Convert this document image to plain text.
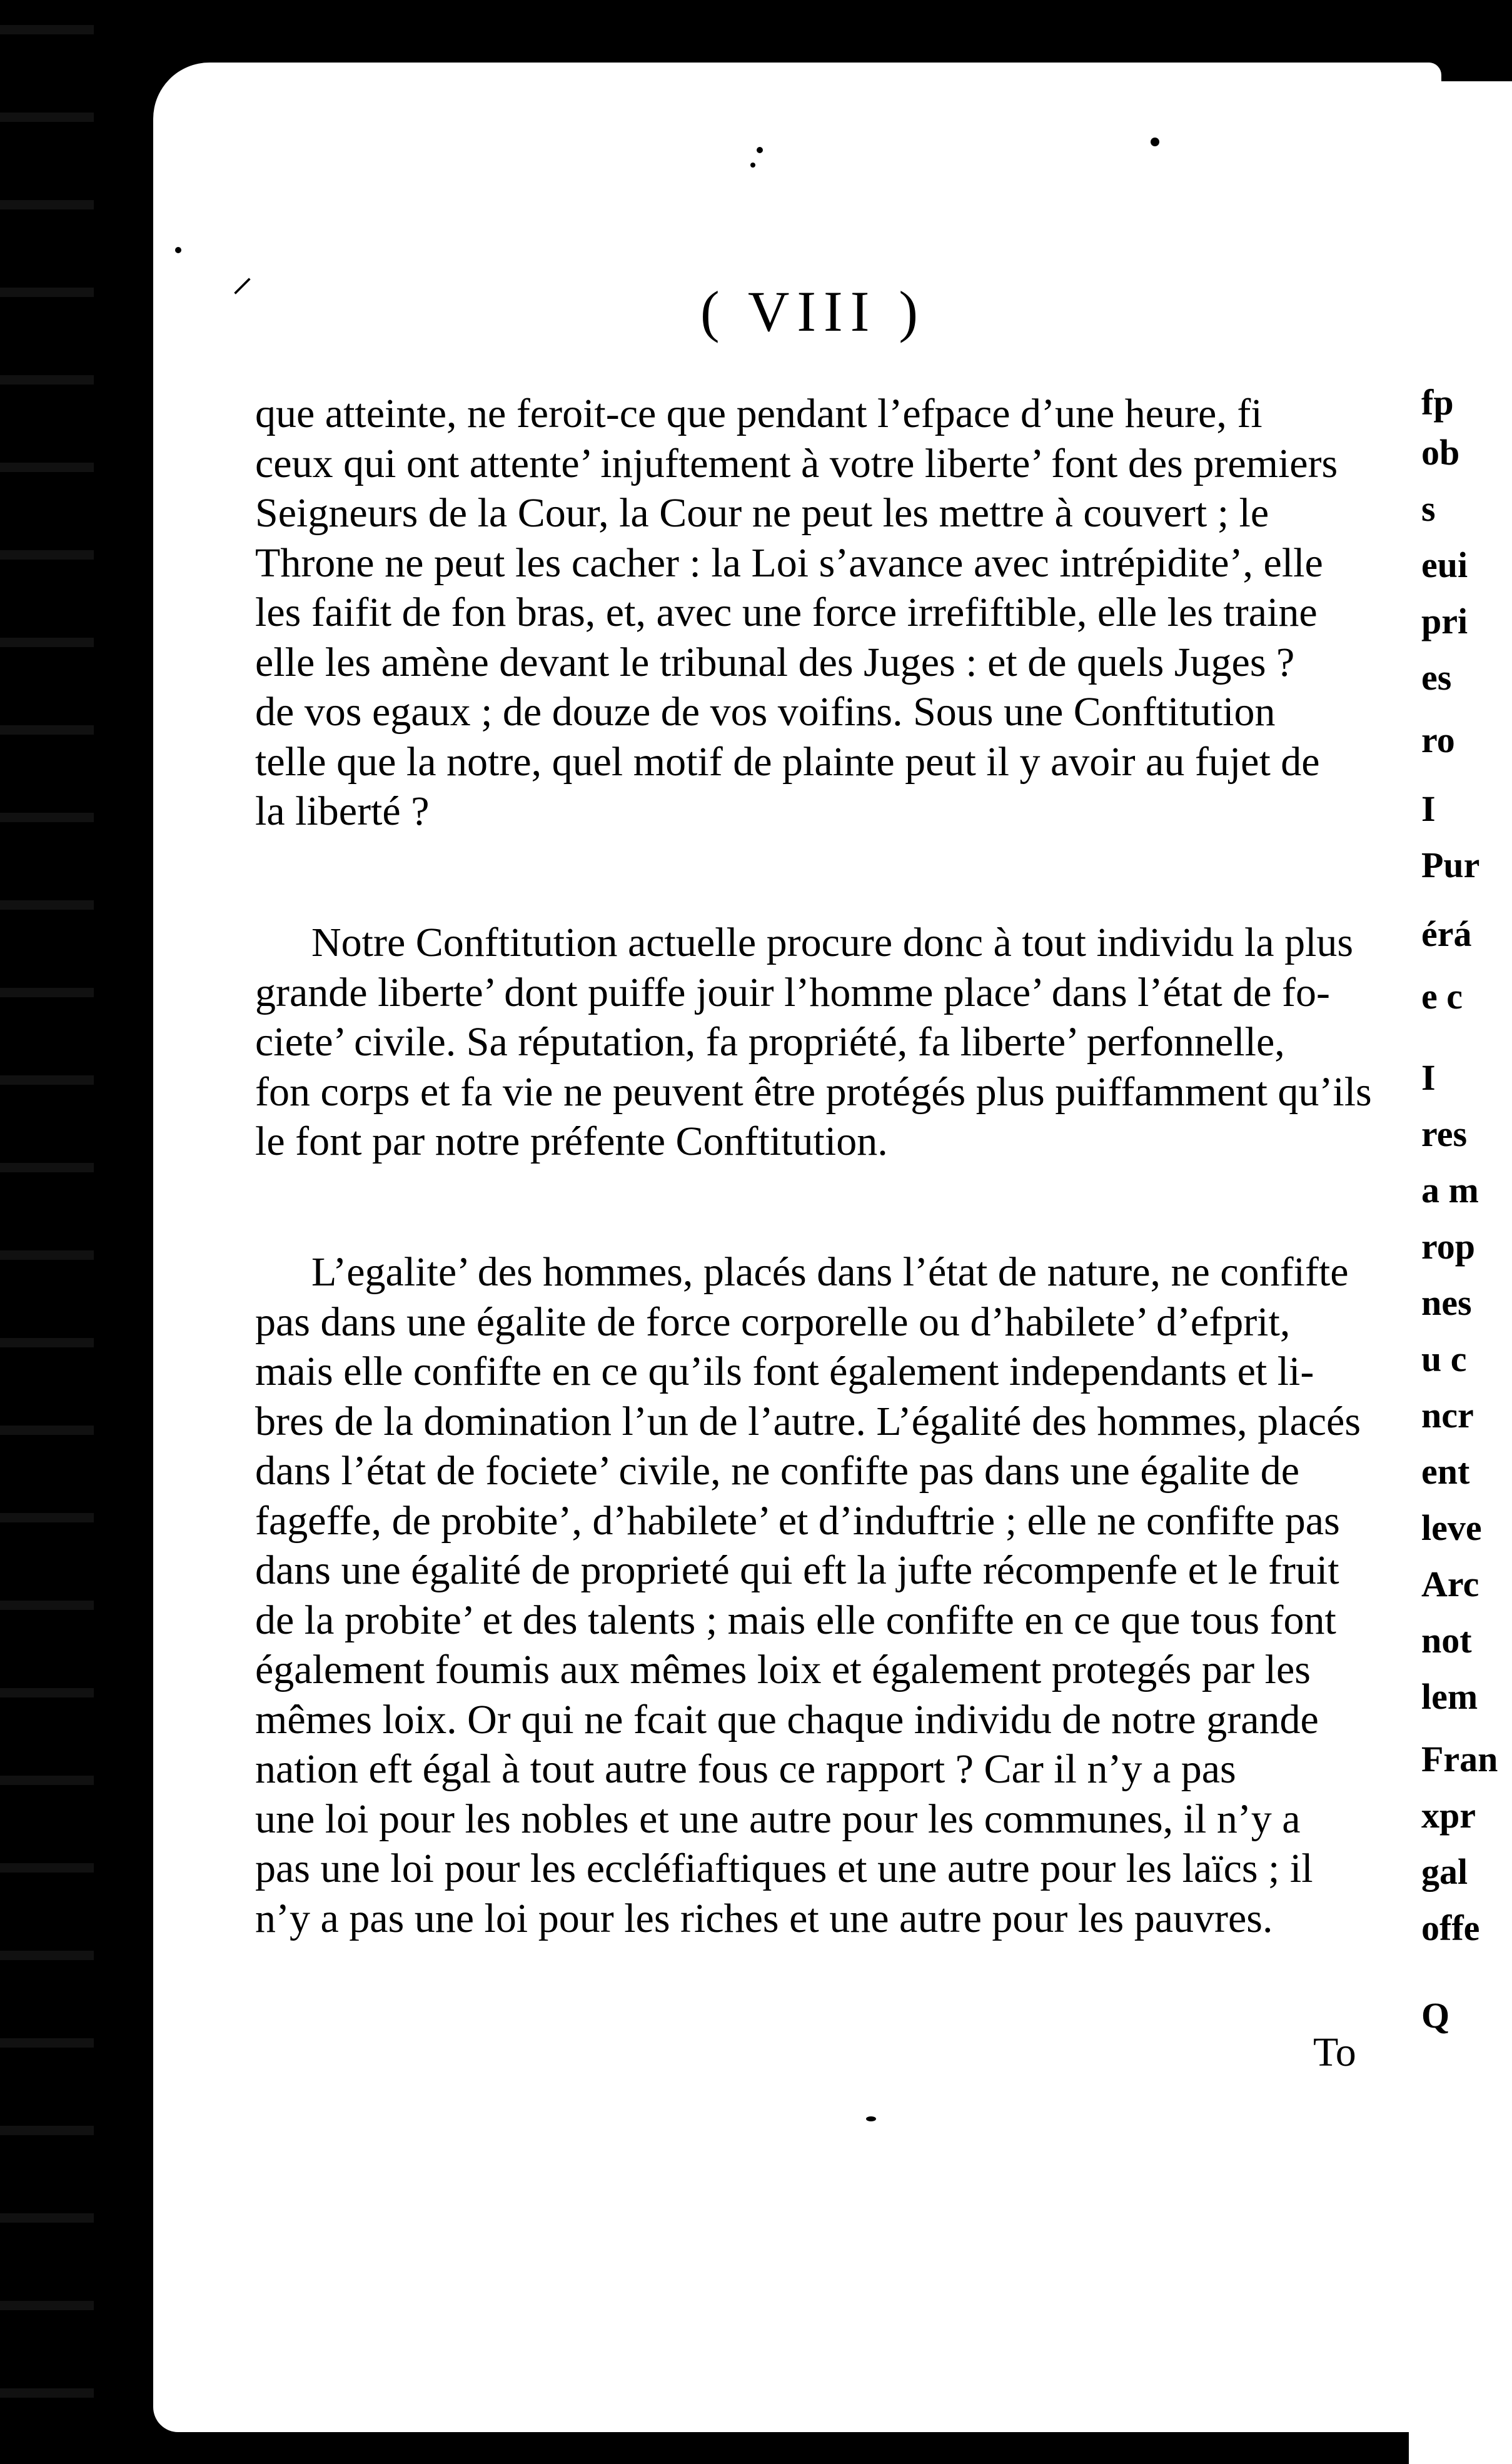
fp
ob
s
eui
pri
es
ro
I
Pur
érá
e c
I
res
a m
rop
nes
u c
ncr
ent
leve
Arc
not
lem
Fran
xpr
gal
offe
Q
( VIII )
que atteinte, ne feroit-ce que pendant l’efpace d’une heure, fi
ceux qui ont attente’ injuftement à votre liberte’ font des premiers
Seigneurs de la Cour, la Cour ne peut les mettre à couvert ; le
Throne ne peut les cacher : la Loi s’avance avec intrépidite’, elle
les faifit de fon bras, et, avec une force irrefiftible, elle les traine
elle les amène devant le tribunal des Juges : et de quels Juges ?
de vos egaux ; de douze de vos voifins. Sous une Conftitution
telle que la notre, quel motif de plainte peut il y avoir au fujet de
la liberté ?
Notre Conftitution actuelle procure donc à tout individu la plus
grande liberte’ dont puiffe jouir l’homme place’ dans l’état de fo-
ciete’ civile. Sa réputation, fa propriété, fa liberte’ perfonnelle,
fon corps et fa vie ne peuvent être protégés plus puiffamment qu’ils
le font par notre préfente Conftitution.
L’egalite’ des hommes, placés dans l’état de nature, ne confifte
pas dans une égalite de force corporelle ou d’habilete’ d’efprit,
mais elle confifte en ce qu’ils font également independants et li-
bres de la domination l’un de l’autre. L’égalité des hommes, placés
dans l’état de fociete’ civile, ne confifte pas dans une égalite de
fageffe, de probite’, d’habilete’ et d’induftrie ; elle ne confifte pas
dans une égalité de proprieté qui eft la jufte récompenfe et le fruit
de la probite’ et des talents ; mais elle confifte en ce que tous font
également foumis aux mêmes loix et également protegés par les
mêmes loix. Or qui ne fcait que chaque individu de notre grande
nation eft égal à tout autre fous ce rapport ? Car il n’y a pas
une loi pour les nobles et une autre pour les communes, il n’y a
pas une loi pour les eccléfiaftiques et une autre pour les laïcs ; il
n’y a pas une loi pour les riches et une autre pour les pauvres.
To
⸝
